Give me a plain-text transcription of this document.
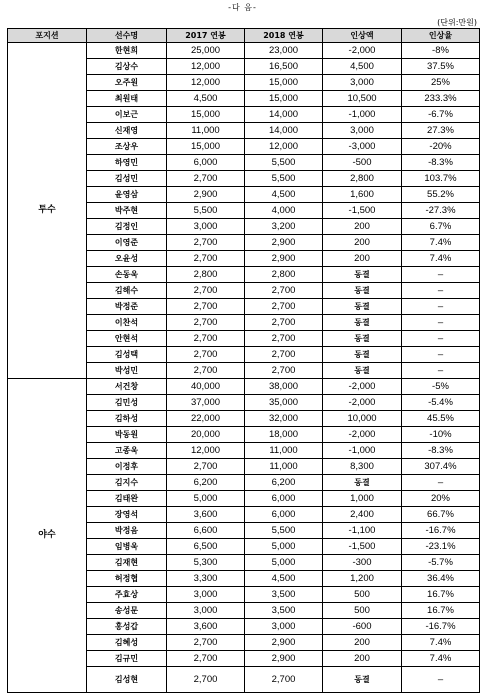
-다 음-
(단위:만원)
포지션	선수명	2017 연봉	2018 연봉	인상액	인상율
투수	한현희	25,000	23,000	-2,000	-8%
	김상수	12,000	16,500	4,500	37.5%
	오주원	12,000	15,000	3,000	25%
	최원태	4,500	15,000	10,500	233.3%
	이보근	15,000	14,000	-1,000	-6.7%
	신재영	11,000	14,000	3,000	27.3%
	조상우	15,000	12,000	-3,000	-20%
	하영민	6,000	5,500	-500	-8.3%
	김성민	2,700	5,500	2,800	103.7%
	윤영삼	2,900	4,500	1,600	55.2%
	박주현	5,500	4,000	-1,500	-27.3%
	김정인	3,000	3,200	200	6.7%
	이영준	2,700	2,900	200	7.4%
	오윤성	2,700	2,900	200	7.4%
	손동욱	2,800	2,800	동결	–
	김해수	2,700	2,700	동결	–
	박정준	2,700	2,700	동결	–
	이찬석	2,700	2,700	동결	–
	안현석	2,700	2,700	동결	–
	김성택	2,700	2,700	동결	–
	박성민	2,700	2,700	동결	–
야수	서건창	40,000	38,000	-2,000	-5%
	김민성	37,000	35,000	-2,000	-5.4%
	김하성	22,000	32,000	10,000	45.5%
	박동원	20,000	18,000	-2,000	-10%
	고종욱	12,000	11,000	-1,000	-8.3%
	이정후	2,700	11,000	8,300	307.4%
	김지수	6,200	6,200	동결	–
	김태완	5,000	6,000	1,000	20%
	장영석	3,600	6,000	2,400	66.7%
	박정음	6,600	5,500	-1,100	-16.7%
	임병욱	6,500	5,000	-1,500	-23.1%
	김재현	5,300	5,000	-300	-5.7%
	허정협	3,300	4,500	1,200	36.4%
	주효상	3,000	3,500	500	16.7%
	송성문	3,000	3,500	500	16.7%
	홍성갑	3,600	3,000	-600	-16.7%
	김혜성	2,700	2,900	200	7.4%
	김규민	2,700	2,900	200	7.4%
	김성현	2,700	2,700	동결	–
